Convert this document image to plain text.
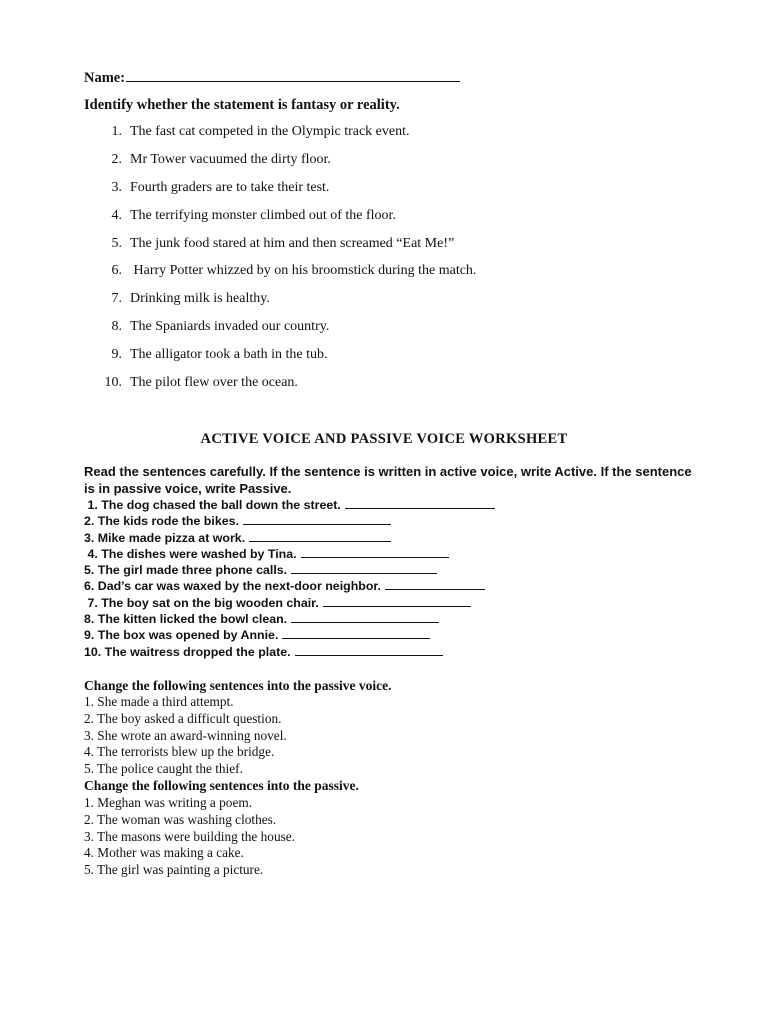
Name:
Identify whether the statement is fantasy or reality.
1. The fast cat competed in the Olympic track event.
2. Mr Tower vacuumed the dirty floor.
3. Fourth graders are to take their test.
4. The terrifying monster climbed out of the floor.
5. The junk food stared at him and then screamed “Eat Me!”
6. Harry Potter whizzed by on his broomstick during the match.
7. Drinking milk is healthy.
8. The Spaniards invaded our country.
9. The alligator took a bath in the tub.
10. The pilot flew over the ocean.
ACTIVE VOICE AND PASSIVE VOICE WORKSHEET
Read the sentences carefully. If the sentence is written in active voice, write Active. If the sentence is in passive voice, write Passive.
1. The dog chased the ball down the street.
2. The kids rode the bikes.
3. Mike made pizza at work.
4. The dishes were washed by Tina.
5. The girl made three phone calls.
6. Dad’s car was waxed by the next-door neighbor.
7. The boy sat on the big wooden chair.
8. The kitten licked the bowl clean.
9. The box was opened by Annie.
10. The waitress dropped the plate.
Change the following sentences into the passive voice.
1. She made a third attempt.
2. The boy asked a difficult question.
3. She wrote an award-winning novel.
4. The terrorists blew up the bridge.
5. The police caught the thief.
Change the following sentences into the passive.
1. Meghan was writing a poem.
2. The woman was washing clothes.
3. The masons were building the house.
4. Mother was making a cake.
5. The girl was painting a picture.
